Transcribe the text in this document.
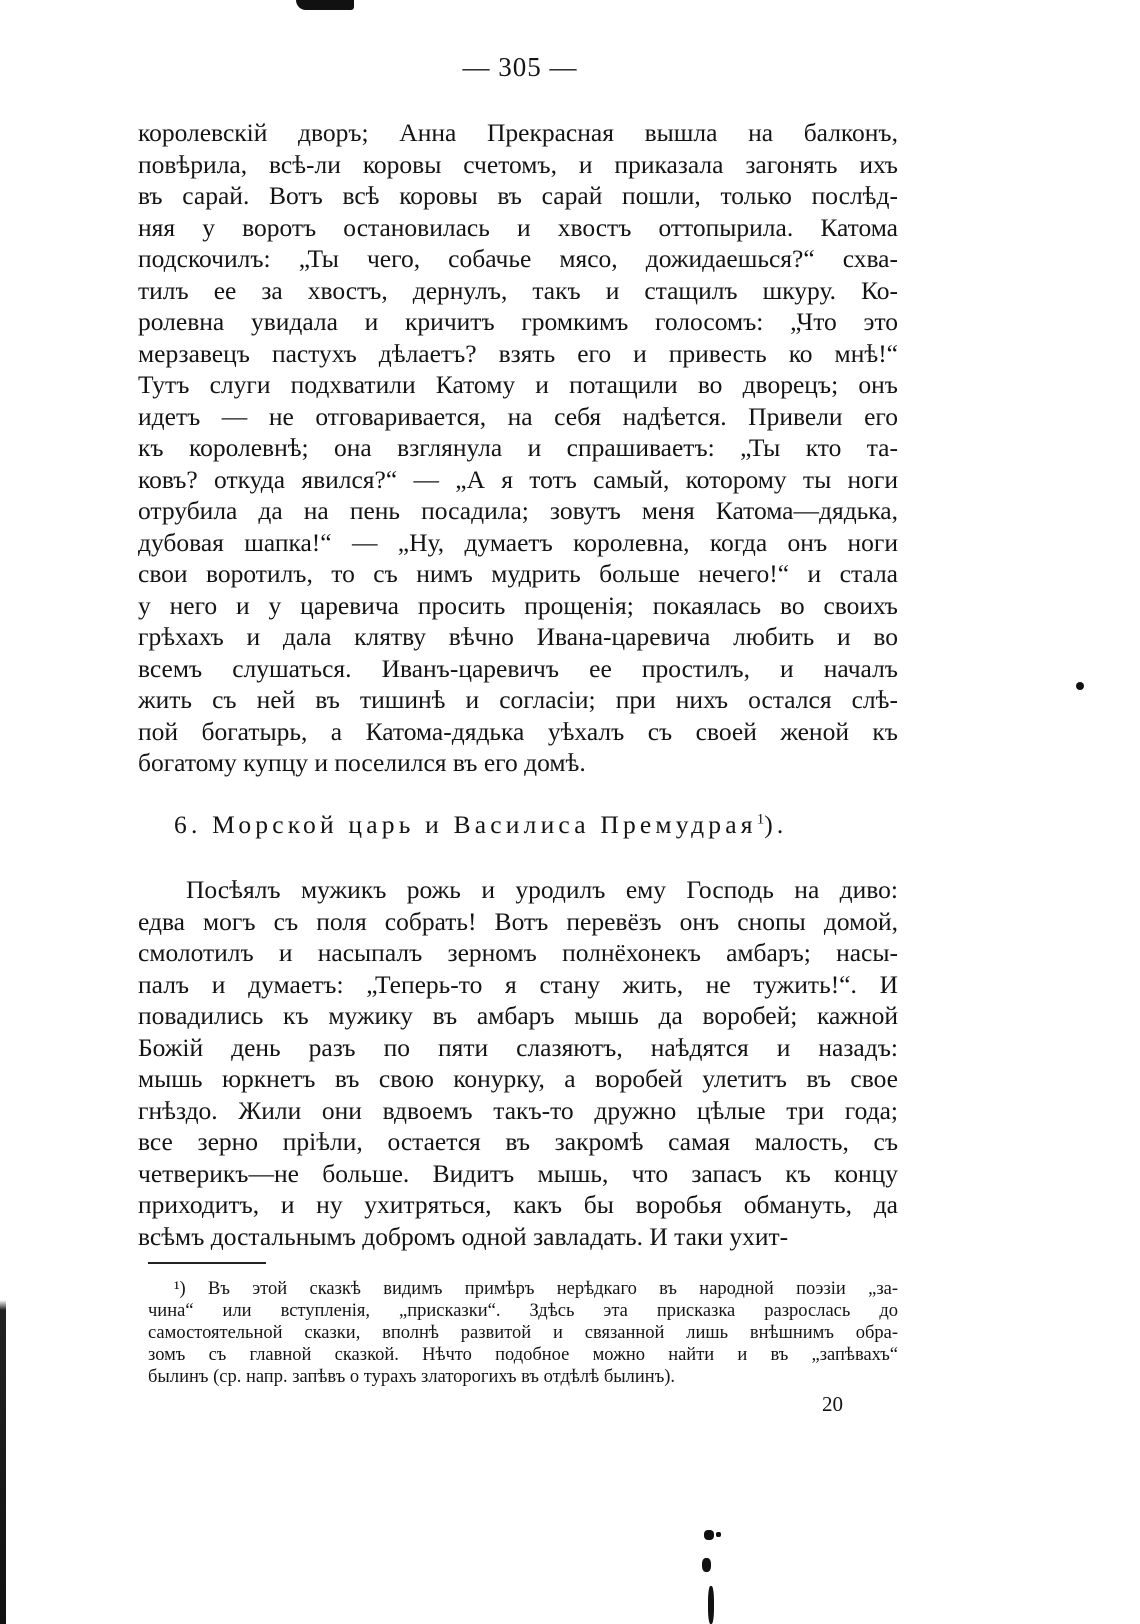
— 305 —
королевскій дворъ; Анна Прекрасная вышла на балконъ,
повѣрила, всѣ-ли коровы счетомъ, и приказала загонять ихъ
въ сарай. Вотъ всѣ коровы въ сарай пошли, только послѣд-
няя у воротъ остановилась и хвостъ оттопырила. Катома
подскочилъ: „Ты чего, собачье мясо, дожидаешься?“ схва-
тилъ ее за хвостъ, дернулъ, такъ и стащилъ шкуру. Ко-
ролевна увидала и кричитъ громкимъ голосомъ: „Что это
мерзавецъ пастухъ дѣлаетъ? взять его и привесть ко мнѣ!“
Тутъ слуги подхватили Катому и потащили во дворецъ; онъ
идетъ — не отговаривается, на себя надѣется. Привели его
къ королевнѣ; она взглянула и спрашиваетъ: „Ты кто та-
ковъ? откуда явился?“ — „А я тотъ самый, которому ты ноги
отрубила да на пень посадила; зовутъ меня Катома—дядька,
дубовая шапка!“ — „Ну, думаетъ королевна, когда онъ ноги
свои воротилъ, то съ нимъ мудрить больше нечего!“ и стала
у него и у царевича просить прощенія; покаялась во своихъ
грѣхахъ и дала клятву вѣчно Ивана-царевича любить и во
всемъ слушаться. Иванъ-царевичъ ее простилъ, и началъ
жить съ ней въ тишинѣ и согласіи; при нихъ остался слѣ-
пой богатырь, а Катома-дядька уѣхалъ съ своей женой къ
богатому купцу и поселился въ его домѣ.
6. Морской царь и Василиса Премудрая$^1$).
Посѣялъ мужикъ рожь и уродилъ ему Господь на диво:
едва могъ съ поля собрать! Вотъ перевёзъ онъ снопы домой,
смолотилъ и насыпалъ зерномъ полнёхонекъ амбаръ; насы-
палъ и думаетъ: „Теперь-то я стану жить, не тужить!“. И
повадились къ мужику въ амбаръ мышь да воробей; кажной
Божій день разъ по пяти слазяютъ, наѣдятся и назадъ:
мышь юркнетъ въ свою конурку, а воробей улетитъ въ свое
гнѣздо. Жили они вдвоемъ такъ-то дружно цѣлые три года;
все зерно пріѣли, остается въ закромѣ самая малость, съ
четверикъ—не больше. Видитъ мышь, что запасъ къ концу
приходитъ, и ну ухитряться, какъ бы воробья обмануть, да
всѣмъ достальнымъ добромъ одной завладать. И таки ухит-
¹) Въ этой сказкѣ видимъ примѣръ нерѣдкаго въ народной поэзіи „за-
чина“ или вступленія, „присказки“. Здѣсь эта присказка разрослась до
самостоятельной сказки, вполнѣ развитой и связанной лишь внѣшнимъ обра-
зомъ съ главной сказкой. Нѣчто подобное можно найти и въ „запѣвахъ“
былинъ (ср. напр. запѣвъ о турахъ златорогихъ въ отдѣлѣ былинъ).
20
